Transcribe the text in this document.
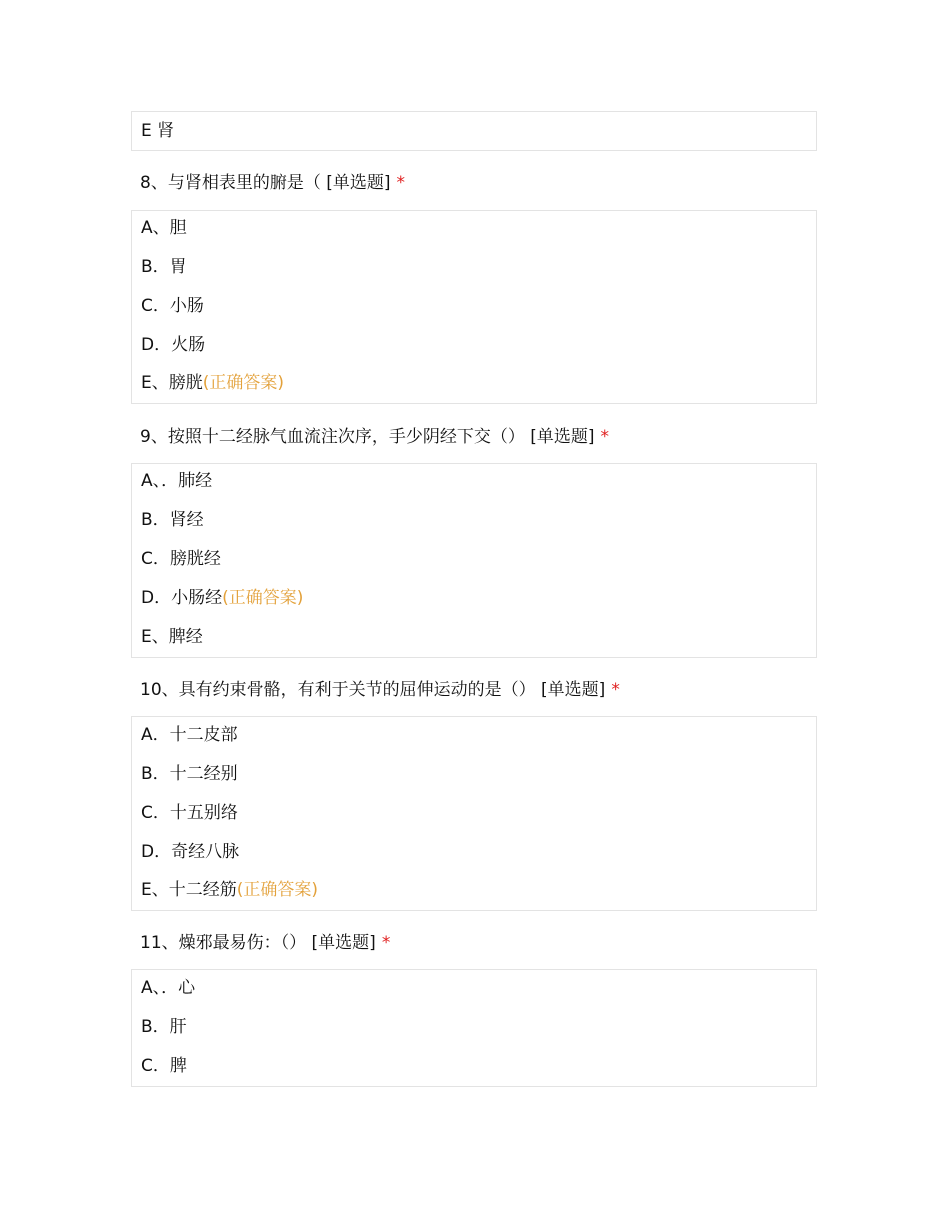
E 肾
8、与肾相表里的腑是（ [单选题] *
A、胆
B．胃
C．小肠
D．火肠
E、膀胱(正确答案)
9、按照十二经脉气血流注次序，手少阴经下交（） [单选题] *
A、．肺经
B．肾经
C．膀胱经
D．小肠经(正确答案)
E、脾经
10、具有约束骨骼，有利于关节的屈伸运动的是（） [单选题] *
A．十二皮部
B．十二经别
C．十五别络
D．奇经八脉
E、十二经筋(正确答案)
11、燥邪最易伤：（） [单选题] *
A、．心
B．肝
C．脾
